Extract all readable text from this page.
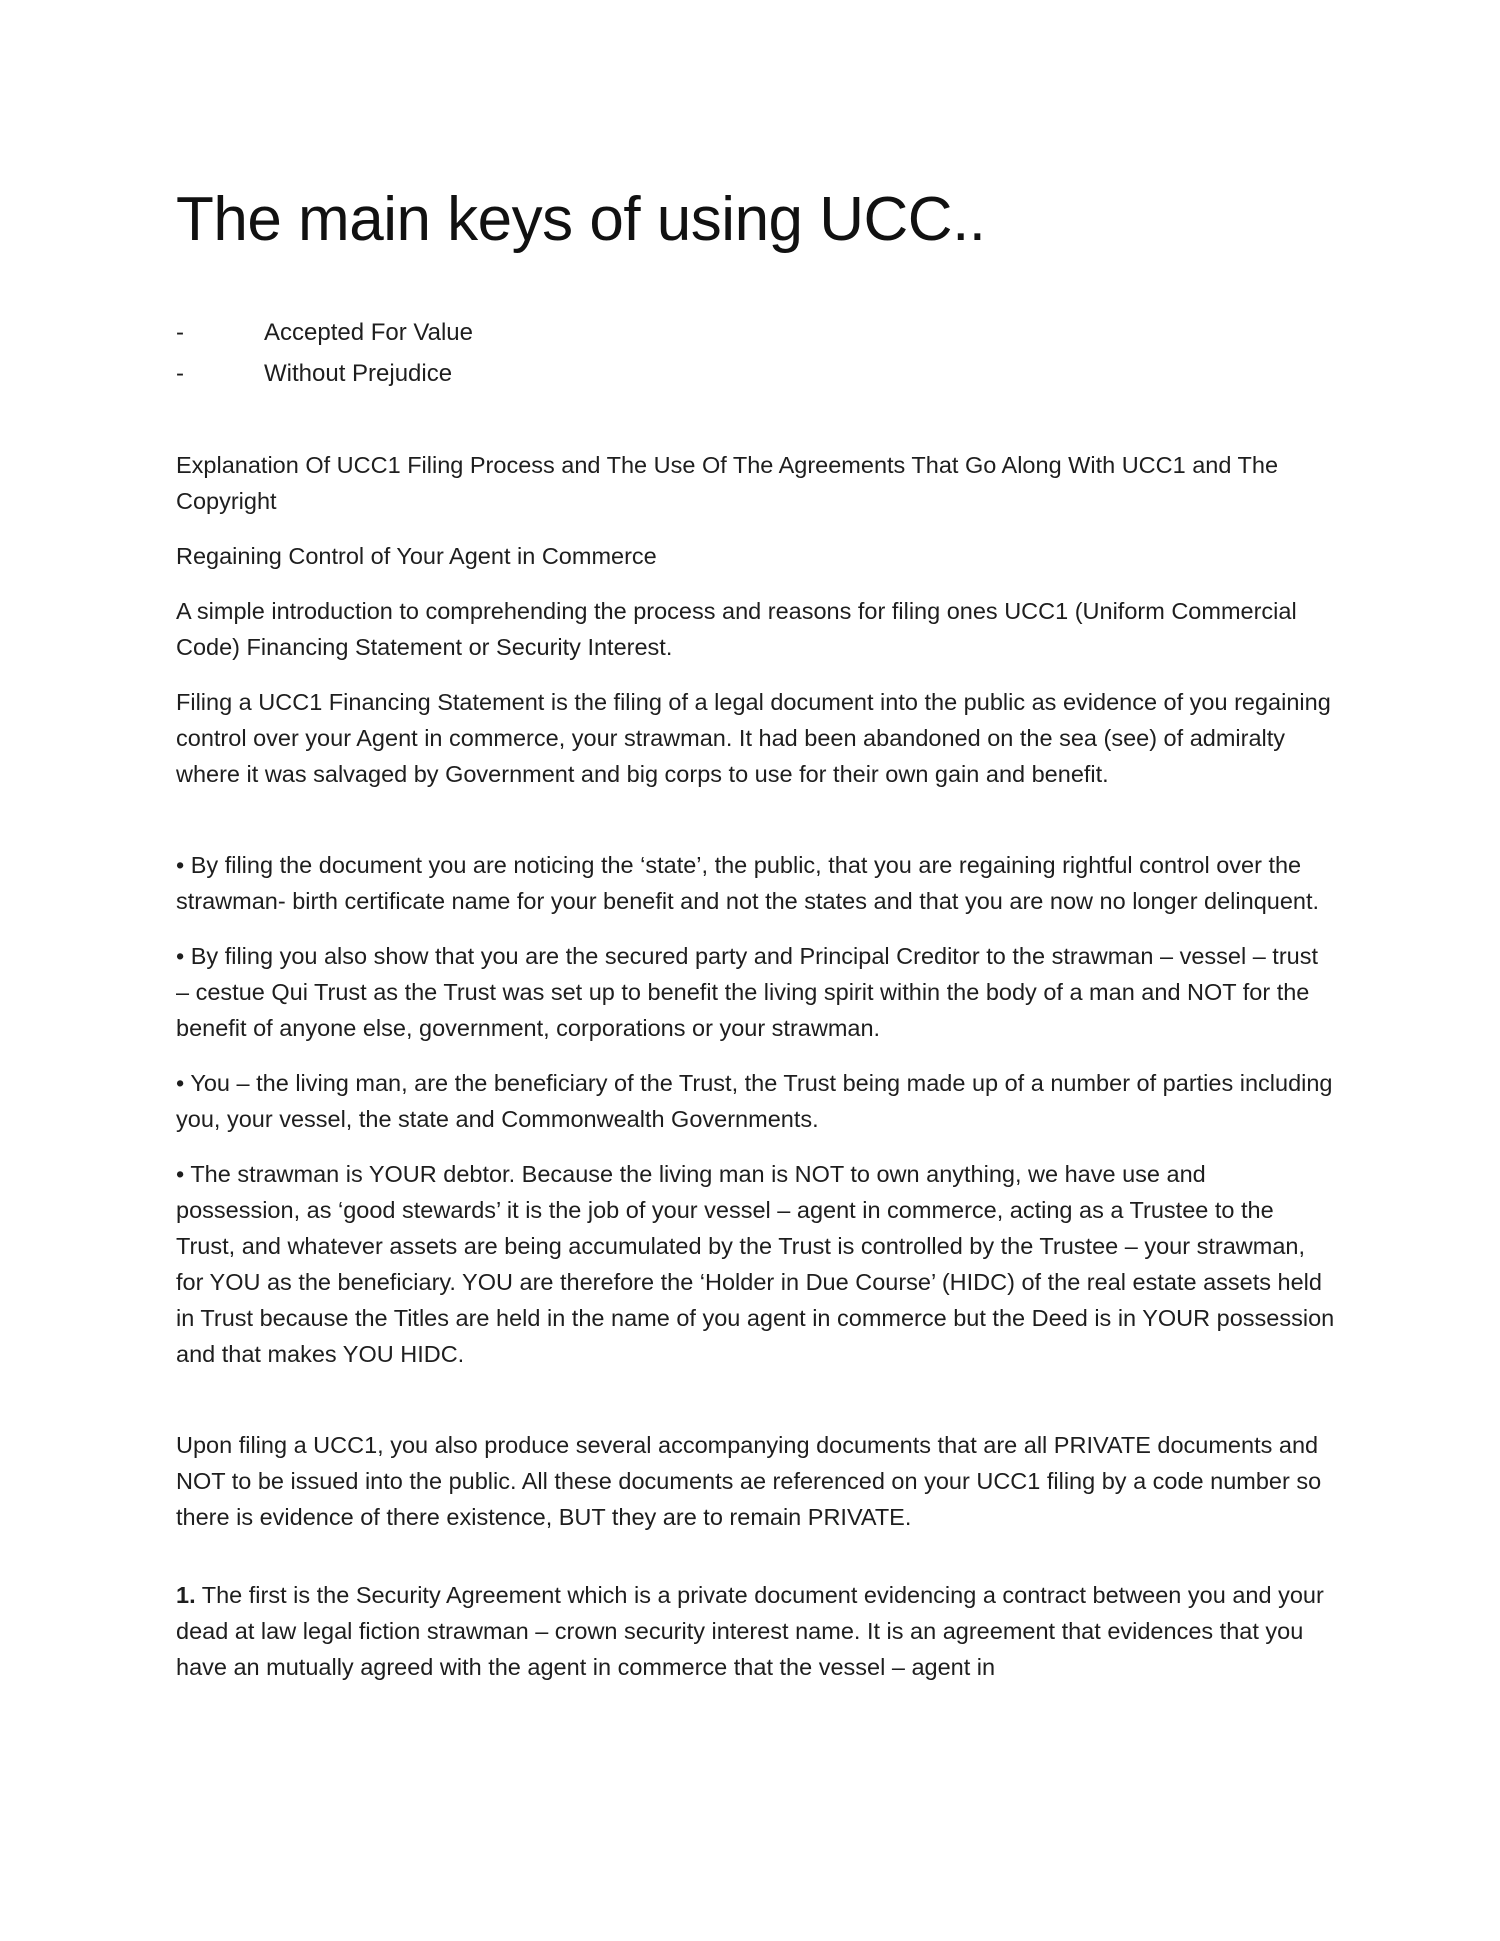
The main keys of using UCC..
-	Accepted For Value
-	Without Prejudice

Explanation Of UCC1 Filing Process and The Use Of The Agreements That Go Along With UCC1 and The Copyright

Regaining Control of Your Agent in Commerce

A simple introduction to comprehending the process and reasons for filing ones UCC1 (Uniform Commercial Code) Financing Statement or Security Interest.

Filing a UCC1 Financing Statement is the filing of a legal document into the public as evidence of you regaining control over your Agent in commerce, your strawman. It had been abandoned on the sea (see) of admiralty where it was salvaged by Government and big corps to use for their own gain and benefit.

• By filing the document you are noticing the ‘state’, the public, that you are regaining rightful control over the strawman- birth certificate name for your benefit and not the states and that you are now no longer delinquent.

• By filing you also show that you are the secured party and Principal Creditor to the strawman – vessel – trust – cestue Qui Trust as the Trust was set up to benefit the living spirit within the body of a man and NOT for the benefit of anyone else, government, corporations or your strawman.

• You – the living man, are the beneficiary of the Trust, the Trust being made up of a number of parties including you, your vessel, the state and Commonwealth Governments.

• The strawman is YOUR debtor. Because the living man is NOT to own anything, we have use and possession, as ‘good stewards’ it is the job of your vessel – agent in commerce, acting as a Trustee to the Trust, and whatever assets are being accumulated by the Trust is controlled by the Trustee – your strawman, for YOU as the beneficiary. YOU are therefore the ‘Holder in Due Course’ (HIDC) of the real estate assets held in Trust because the Titles are held in the name of you agent in commerce but the Deed is in YOUR possession and that makes YOU HIDC.

Upon filing a UCC1, you also produce several accompanying documents that are all PRIVATE documents and NOT to be issued into the public. All these documents ae referenced on your UCC1 filing by a code number so there is evidence of there existence, BUT they are to remain PRIVATE.

1. The first is the Security Agreement which is a private document evidencing a contract between you and your dead at law legal fiction strawman – crown security interest name. It is an agreement that evidences that you have an mutually agreed with the agent in commerce that the vessel – agent in
